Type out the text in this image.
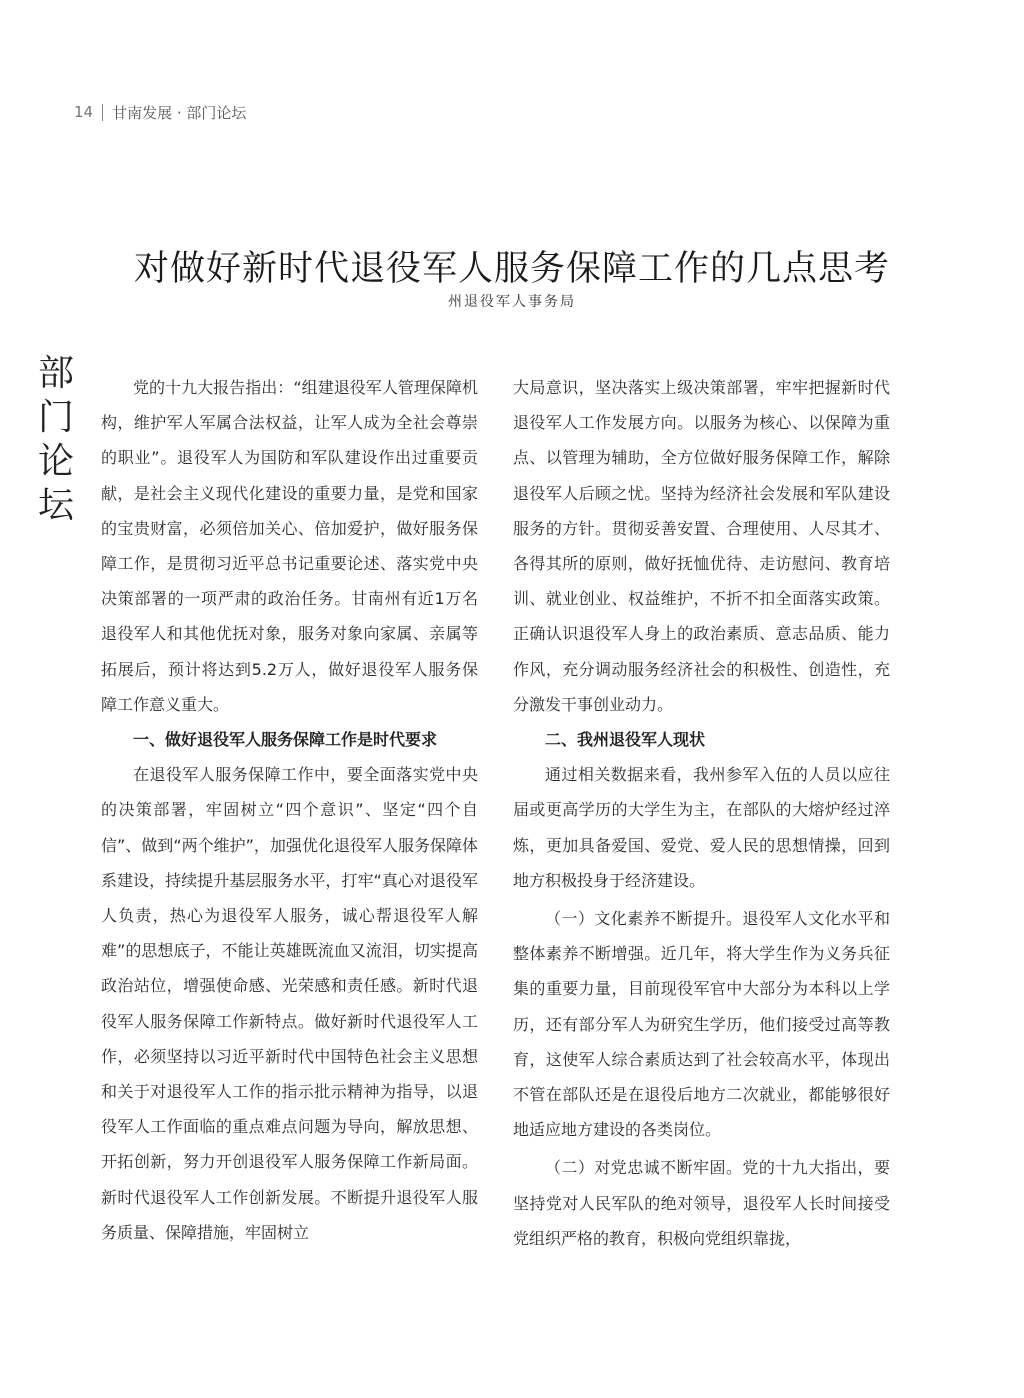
14 甘南发展 · 部门论坛
对做好新时代退役军人服务保障工作的几点思考
州退役军人事务局
部门论坛

党的十九大报告指出：“组建退役军人管理保障机构，维护军人军属合法权益，让军人成为全社会尊崇的职业”。退役军人为国防和军队建设作出过重要贡献，是社会主义现代化建设的重要力量，是党和国家的宝贵财富，必须倍加关心、倍加爱护，做好服务保障工作，是贯彻习近平总书记重要论述、落实党中央决策部署的一项严肃的政治任务。甘南州有近1万名退役军人和其他优抚对象，服务对象向家属、亲属等拓展后，预计将达到5.2万人，做好退役军人服务保障工作意义重大。

一、做好退役军人服务保障工作是时代要求

在退役军人服务保障工作中，要全面落实党中央的决策部署，牢固树立“四个意识”、坚定“四个自信”、做到“两个维护”，加强优化退役军人服务保障体系建设，持续提升基层服务水平，打牢“真心对退役军人负责，热心为退役军人服务，诚心帮退役军人解难”的思想底子，不能让英雄既流血又流泪，切实提高政治站位，增强使命感、光荣感和责任感。新时代退役军人服务保障工作新特点。做好新时代退役军人工作，必须坚持以习近平新时代中国特色社会主义思想和关于对退役军人工作的指示批示精神为指导，以退役军人工作面临的重点难点问题为导向，解放思想、开拓创新，努力开创退役军人服务保障工作新局面。新时代退役军人工作创新发展。不断提升退役军人服务质量、保障措施，牢固树立

大局意识，坚决落实上级决策部署，牢牢把握新时代退役军人工作发展方向。以服务为核心、以保障为重点、以管理为辅助，全方位做好服务保障工作，解除退役军人后顾之忧。坚持为经济社会发展和军队建设服务的方针。贯彻妥善安置、合理使用、人尽其才、各得其所的原则，做好抚恤优待、走访慰问、教育培训、就业创业、权益维护，不折不扣全面落实政策。正确认识退役军人身上的政治素质、意志品质、能力作风，充分调动服务经济社会的积极性、创造性，充分激发干事创业动力。

二、我州退役军人现状

通过相关数据来看，我州参军入伍的人员以应往届或更高学历的大学生为主，在部队的大熔炉经过淬炼，更加具备爱国、爱党、爱人民的思想情操，回到地方积极投身于经济建设。

（一）文化素养不断提升。退役军人文化水平和整体素养不断增强。近几年，将大学生作为义务兵征集的重要力量，目前现役军官中大部分为本科以上学历，还有部分军人为研究生学历，他们接受过高等教育，这使军人综合素质达到了社会较高水平，体现出不管在部队还是在退役后地方二次就业，都能够很好地适应地方建设的各类岗位。

（二）对党忠诚不断牢固。党的十九大指出，要坚持党对人民军队的绝对领导，退役军人长时间接受党组织严格的教育，积极向党组织靠拢，
